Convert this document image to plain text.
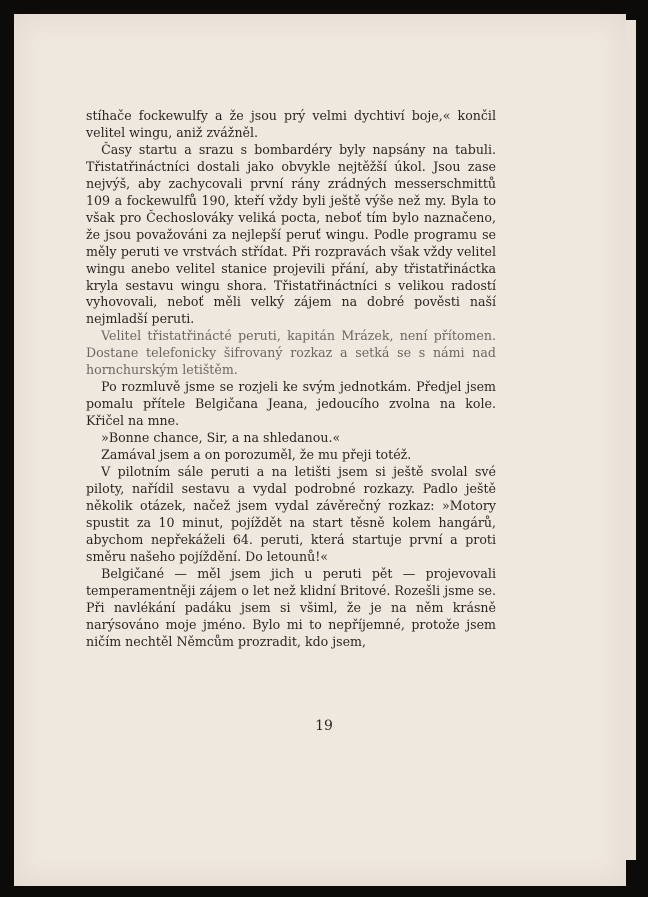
stíhače fockewulfy a že jsou prý velmi dychtiví boje,« končil velitel wingu, aniž zvážněl.

Časy startu a srazu s bombardéry byly napsány na tabuli. Třistatřináctníci dostali jako obvykle nejtěžší úkol. Jsou zase nejvýš, aby zachycovali první rány zrádných messerschmittů 109 a fockewulfů 190, kteří vždy byli ještě výše než my. Byla to však pro Čechoslováky veliká pocta, neboť tím bylo naznačeno, že jsou považováni za nejlepší peruť wingu. Podle programu se měly peruti ve vrstvách střídat. Při rozpravách však vždy velitel wingu anebo velitel stanice projevili přání, aby třistatřináctka kryla sestavu wingu shora. Třistatřináctníci s velikou radostí vyhovovali, neboť měli velký zájem na dobré pověsti naší nejmladší peruti.

Velitel třistatřinácté peruti, kapitán Mrázek, není přítomen. Dostane telefonicky šifrovaný rozkaz a setká se s námi nad hornchurským letištěm.

Po rozmluvě jsme se rozjeli ke svým jednotkám. Předjel jsem pomalu přítele Belgičana Jeana, jedoucího zvolna na kole. Křičel na mne.

»Bonne chance, Sir, a na shledanou.«

Zamával jsem a on porozuměl, že mu přeji totéž.

V pilotním sále peruti a na letišti jsem si ještě svolal své piloty, nařídil sestavu a vydal podrobné rozkazy. Padlo ještě několik otázek, načež jsem vydal závěrečný rozkaz: »Motory spustit za 10 minut, pojíždět na start těsně kolem hangárů, abychom nepřekáželi 64. peruti, která startuje první a proti směru našeho pojíždění. Do letounů!«

Belgičané — měl jsem jich u peruti pět — projevovali temperamentněji zájem o let než klidní Britové. Rozešli jsme se. Při navlékání padáku jsem si všiml, že je na něm krásně narýsováno moje jméno. Bylo mi to nepříjemné, protože jsem ničím nechtěl Němcům prozradit, kdo jsem,

19
